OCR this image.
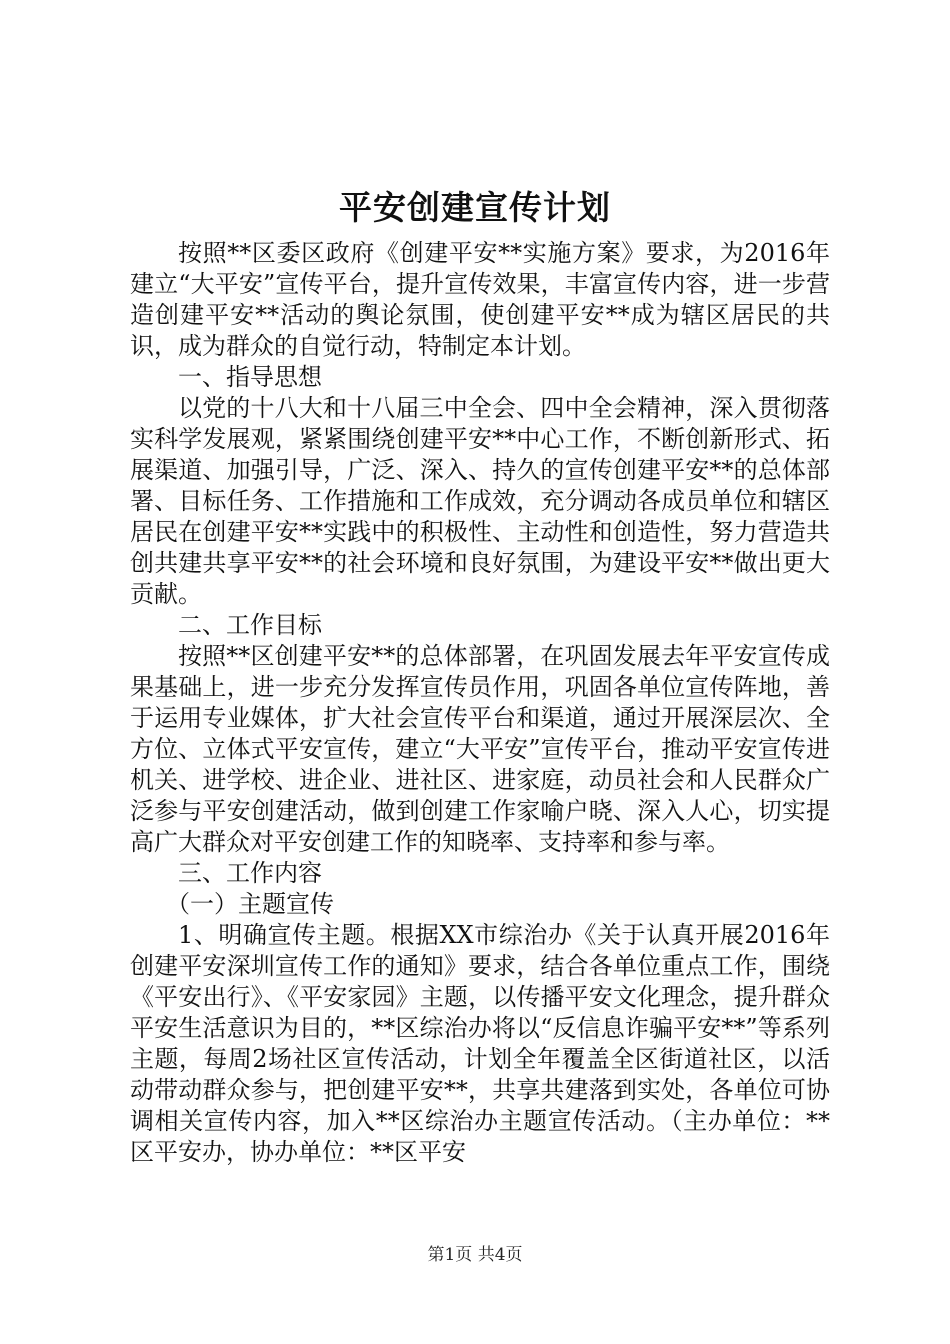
平安创建宣传计划

按照**区委区政府《创建平安**实施方案》要求，为2016年建立“大平安”宣传平台，提升宣传效果，丰富宣传内容，进一步营造创建平安**活动的舆论氛围，使创建平安**成为辖区居民的共识，成为群众的自觉行动，特制定本计划。

一、指导思想

以党的十八大和十八届三中全会、四中全会精神，深入贯彻落实科学发展观，紧紧围绕创建平安**中心工作，不断创新形式、拓展渠道、加强引导，广泛、深入、持久的宣传创建平安**的总体部署、目标任务、工作措施和工作成效，充分调动各成员单位和辖区居民在创建平安**实践中的积极性、主动性和创造性，努力营造共创共建共享平安**的社会环境和良好氛围，为建设平安**做出更大贡献。

二、工作目标

按照**区创建平安**的总体部署，在巩固发展去年平安宣传成果基础上，进一步充分发挥宣传员作用，巩固各单位宣传阵地，善于运用专业媒体，扩大社会宣传平台和渠道，通过开展深层次、全方位、立体式平安宣传，建立“大平安”宣传平台，推动平安宣传进机关、进学校、进企业、进社区、进家庭，动员社会和人民群众广泛参与平安创建活动，做到创建工作家喻户晓、深入人心，切实提高广大群众对平安创建工作的知晓率、支持率和参与率。

三、工作内容

（一）主题宣传

1、明确宣传主题。根据XX市综治办《关于认真开展2016年创建平安深圳宣传工作的通知》要求，结合各单位重点工作，围绕《平安出行》、《平安家园》主题，以传播平安文化理念，提升群众平安生活意识为目的，**区综治办将以“反信息诈骗平安**”等系列主题，每周2场社区宣传活动，计划全年覆盖全区街道社区，以活动带动群众参与，把创建平安**，共享共建落到实处，各单位可协调相关宣传内容，加入**区综治办主题宣传活动。（主办单位：**区平安办，协办单位：**区平安

第1页 共4页
